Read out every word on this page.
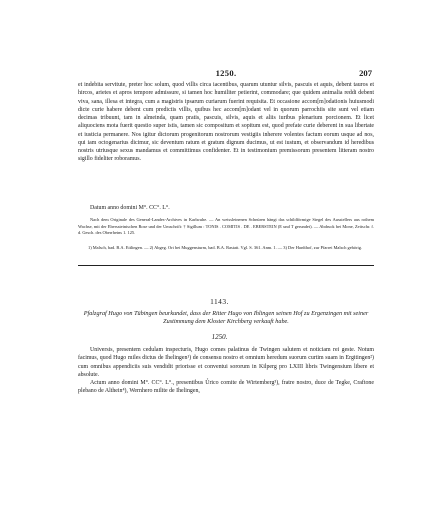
1250.	207

et indebita servitute, preter hoc solum, quod villis circa iacentibus, quarum utuntur silvis, pascuis et aquis, debent tauros et hircos, arietes et apros tempore admissure, si tamen hoc humiliter petierint, commodare; que quidem animalia reddi debent viva, sana, illesa et integra, cum a magistris ipsarum curiarum fuerint requisita. Et occasione accom[m]odationis huiusmodi dicte curie habere debent cum predictis villis, quibus hec accom[m]odant vel in quorum parrochiis site sunt vel etiam decimas tribuunt, tam in almeinda, quam pratis, pascuis, silvis, aquis et aliis iuribus plenarium porcionem. Et licet aliquociens mota fuerit questio super istis, tamen sic compositum et sopitum est, quod prefate curie deberent in sua libertate et iusticia permanere. Nos igitur dictorum progenitorum nostrorum vestigiis inherere volentes factum eorum usque ad nos, qui iam octogenarius dicimur, sic deventum ratum et gratum dignum ducimus, ut est iustum, et observandum id heredibus nostris utriusque sexus mandamus et committimus confidenter. Et in testimonium premissorum presentem litteram nostro sigillo fideliter roboramus.

Datum anno domini M°. CC°. L°.

Nach dem Originale des General-Landes-Archives in Karlsruhe. — An weissleinenen Schnüren hängt das schildförmige Siegel des Ausstellers aus rothem Wachse, mit der Eberssteinischen Rose und der Umschrift: † Sigillum : TONIS . COMITIS . DE . EBERSTEIN (E und T gerundet). — Abdruck bei Mone, Zeitschr. f. d. Gesch. des Oberrheins 1. 125.

1) Malsch, bad. B.A. Ettlingen. — 2) Abgeg. Ort bei Muggensturm, bad. B.A. Rastatt. Vgl. S. 361. Anm. 1. — 3) Der Hardthof, zur Pfarrei Malsch gehörig.

1143.
Pfalzgraf Hugo von Tübingen beurkundet, dass der Ritter Hugo von Ihlingen seinen Hof zu Ergenzingen mit seiner Zustimmung dem Kloster Kirchberg verkauft habe.
1250.

Universis, presentem cedulam inspecturis, Hugo comes palatinus de Twingen salutem et noticiam rei geste. Notum facimus, quod Hugo miles dictus de Ihelingen¹) de consensu nostro et omnium heredum suorum curtim suam in Ergitingen²) cum omnibus appendiciis suis vendidit priorisse et conventui sororum in Kilperg pro LXIII libris Twingensium libere et absolute.

Actum anno domini M°. CC°. L°., presentibus Ůrico comite de Wirtemberg³), fratre nostro, duce de Tegke, Craftone plebano de Althein⁴), Wernhero milite de Ihelingen,
